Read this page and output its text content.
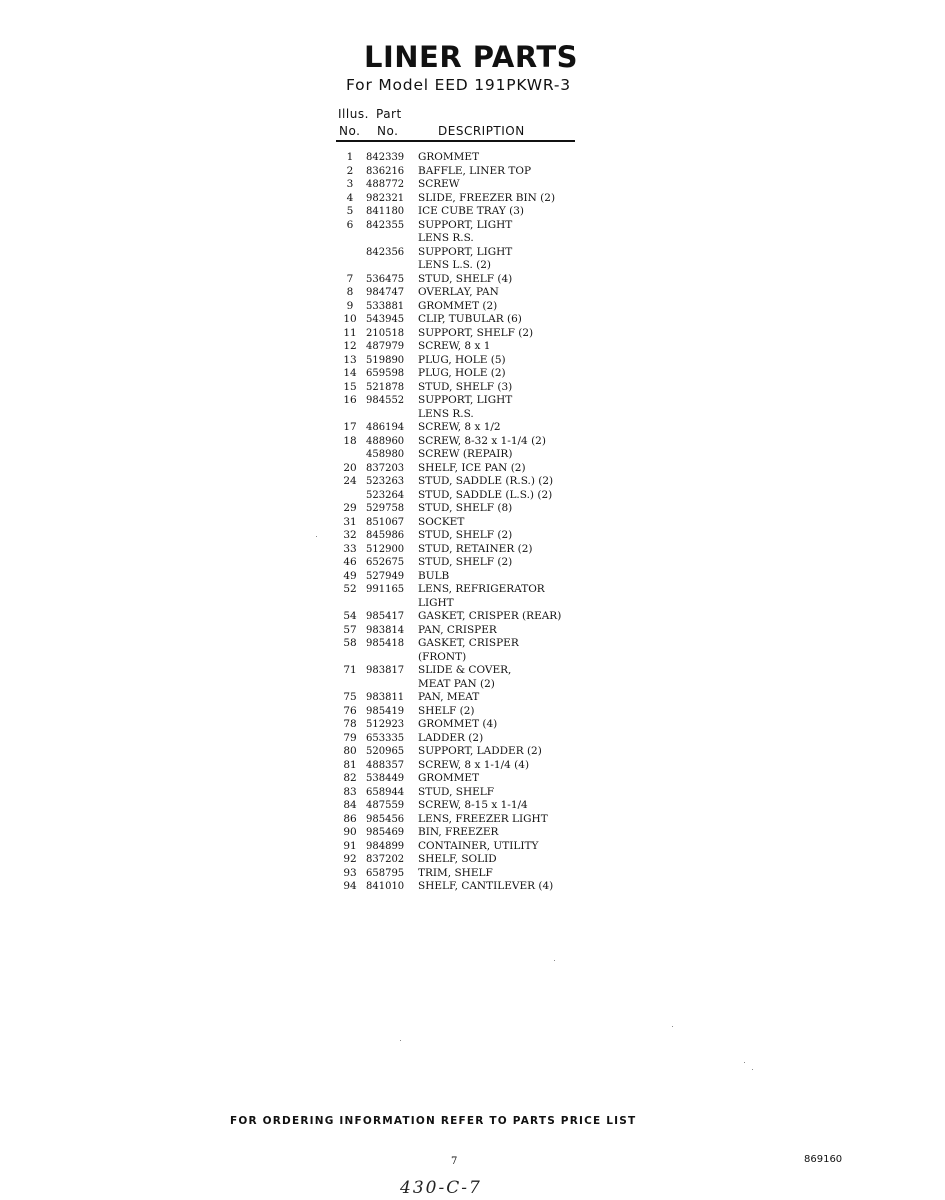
LINER PARTS
For Model EED 191PKWR-3
Illus. Part
No. No.	DESCRIPTION
1	842339	GROMMET
2	836216	BAFFLE, LINER TOP
3	488772	SCREW
4	982321	SLIDE, FREEZER BIN (2)
5	841180	ICE CUBE TRAY (3)
6	842355	SUPPORT, LIGHT
LENS R.S.
842356	SUPPORT, LIGHT
LENS L.S. (2)
7	536475	STUD, SHELF (4)
8	984747	OVERLAY, PAN
9	533881	GROMMET (2)
10 543945	CLIP, TUBULAR (6)
11 210518	SUPPORT, SHELF (2)
12 487979	SCREW, 8 x 1
13 519890	PLUG, HOLE (5)
14 659598	PLUG, HOLE (2)
15 521878	STUD, SHELF (3)
16 984552	SUPPORT, LIGHT
LENS R.S.
17 486194	SCREW, 8 x 1/2
18 488960	SCREW, 8-32 x 1-1/4 (2)
458980	SCREW (REPAIR)
20 837203	SHELF, ICE PAN (2)
24 523263	STUD, SADDLE (R.S.) (2)
523264	STUD, SADDLE (L.S.) (2)
29 529758	STUD, SHELF (8)
31 851067	SOCKET
32 845986	STUD, SHELF (2)
33 512900	STUD, RETAINER (2)
46 652675	STUD, SHELF (2)
49 527949	BULB
52 991165	LENS, REFRIGERATOR
LIGHT
54 985417	GASKET, CRISPER (REAR)
57 983814	PAN, CRISPER
58 985418	GASKET, CRISPER
(FRONT)
71 983817	SLIDE & COVER,
MEAT PAN (2)
75 983811	PAN, MEAT
76 985419	SHELF (2)
78 512923	GROMMET (4)
79 653335	LADDER (2)
80 520965	SUPPORT, LADDER (2)
81 488357	SCREW, 8 x 1-1/4 (4)
82 538449	GROMMET
83 658944	STUD, SHELF
84 487559	SCREW, 8-15 x 1-1/4
86 985456	LENS, FREEZER LIGHT
90 985469	BIN, FREEZER
91 984899	CONTAINER, UTILITY
92 837202	SHELF, SOLID
93 658795	TRIM, SHELF
94 841010	SHELF, CANTILEVER (4)
FOR ORDERING INFORMATION REFER TO PARTS PRICE LIST
7	869160
430-C-7
